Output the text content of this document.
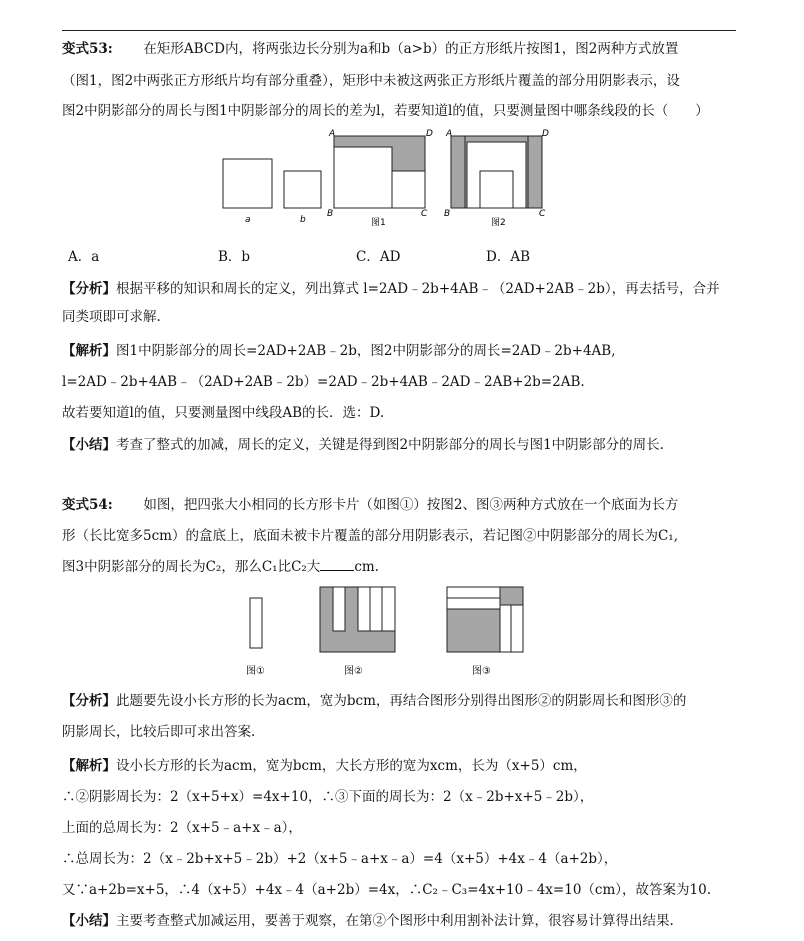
变式53: 在矩形ABCD内，将两张边长分别为a和b（a>b）的正方形纸片按图1，图2两种方式放置
（图1，图2中两张正方形纸片均有部分重叠），矩形中未被这两张正方形纸片覆盖的部分用阴影表示，设
图2中阴影部分的周长与图1中阴影部分的周长的差为l，若要知道l的值，只要测量图中哪条线段的长（　　）
a	b
A	D
B	C
图1
A	D
B	C
图2
A．a	B．b	C．AD	D．AB
【分析】根据平移的知识和周长的定义，列出算式 l=2AD﹣2b+4AB﹣（2AD+2AB﹣2b），再去括号，合并
同类项即可求解.
【解析】图1中阴影部分的周长=2AD+2AB﹣2b，图2中阴影部分的周长=2AD﹣2b+4AB,
l=2AD﹣2b+4AB﹣（2AD+2AB﹣2b）=2AD﹣2b+4AB﹣2AD﹣2AB+2b=2AB.
故若要知道l的值，只要测量图中线段AB的长．选：D.
【小结】考查了整式的加减，周长的定义，关键是得到图2中阴影部分的周长与图1中阴影部分的周长.
变式54: 如图，把四张大小相同的长方形卡片（如图①）按图2、图③两种方式放在一个底面为长方
形（长比宽多5cm）的盒底上，底面未被卡片覆盖的部分用阴影表示，若记图②中阴影部分的周长为C₁,
图3中阴影部分的周长为C₂，那么C₁比C₂大	cm.
图①	图②	图③
【分析】此题要先设小长方形的长为acm，宽为bcm，再结合图形分别得出图形②的阴影周长和图形③的
阴影周长，比较后即可求出答案.
【解析】设小长方形的长为acm，宽为bcm，大长方形的宽为xcm，长为（x+5）cm，
∴②阴影周长为：2（x+5+x）=4x+10，∴③下面的周长为：2（x﹣2b+x+5﹣2b），
上面的总周长为：2（x+5﹣a+x﹣a），
∴总周长为：2（x﹣2b+x+5﹣2b）+2（x+5﹣a+x﹣a）=4（x+5）+4x﹣4（a+2b），
又∵a+2b=x+5，∴4（x+5）+4x﹣4（a+2b）=4x，∴C₂﹣C₃=4x+10﹣4x=10（cm），故答案为10.
【小结】主要考查整式加减运用，要善于观察，在第②个图形中利用割补法计算，很容易计算得出结果.
